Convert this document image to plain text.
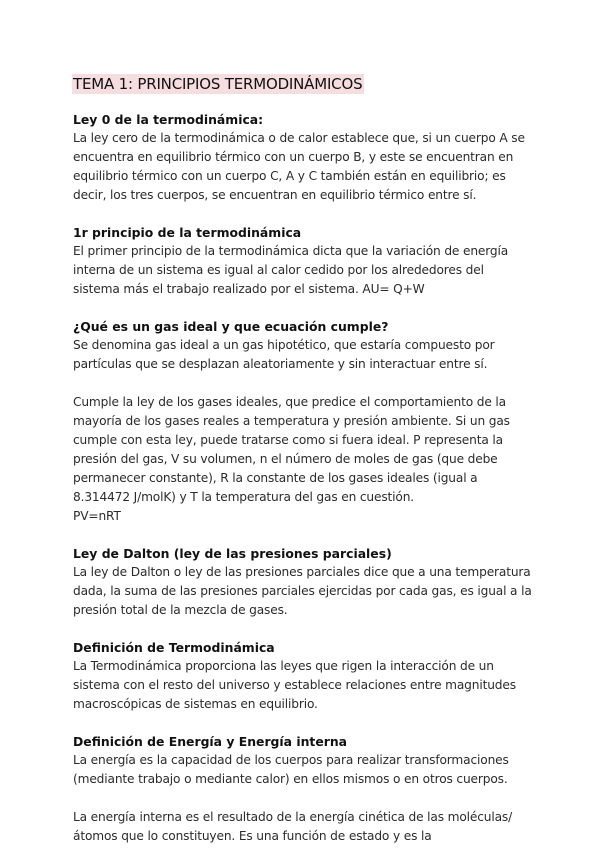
TEMA 1: PRINCIPIOS TERMODINÁMICOS
Ley 0 de la termodinámica:

La ley cero de la termodinámica o de calor establece que, si un cuerpo A se encuentra en equilibrio térmico con un cuerpo B, y este se encuentran en equilibrio térmico con un cuerpo C, A y C también están en equilibrio; es decir, los tres cuerpos, se encuentran en equilibrio térmico entre sí.

1r principio de la termodinámica

El primer principio de la termodinámica dicta que la variación de energía interna de un sistema es igual al calor cedido por los alrededores del sistema más el trabajo realizado por el sistema. AU= Q+W

¿Qué es un gas ideal y que ecuación cumple?

Se denomina gas ideal a un gas hipotético, que estaría compuesto por partículas que se desplazan aleatoriamente y sin interactuar entre sí.

Cumple la ley de los gases ideales, que predice el comportamiento de la mayoría de los gases reales a temperatura y presión ambiente. Si un gas cumple con esta ley, puede tratarse como si fuera ideal. P representa la presión del gas, V su volumen, n el número de moles de gas (que debe permanecer constante), R la constante de los gases ideales (igual a 8.314472 J/molK) y T la temperatura del gas en cuestión.

PV=nRT

Ley de Dalton (ley de las presiones parciales)

La ley de Dalton o ley de las presiones parciales dice que a una temperatura dada, la suma de las presiones parciales ejercidas por cada gas, es igual a la presión total de la mezcla de gases.

Definición de Termodinámica

La Termodinámica proporciona las leyes que rigen la interacción de un sistema con el resto del universo y establece relaciones entre magnitudes macroscópicas de sistemas en equilibrio.

Definición de Energía y Energía interna

La energía es la capacidad de los cuerpos para realizar transformaciones (mediante trabajo o mediante calor) en ellos mismos o en otros cuerpos.

La energía interna es el resultado de la energía cinética de las moléculas/átomos que lo constituyen. Es una función de estado y es la
